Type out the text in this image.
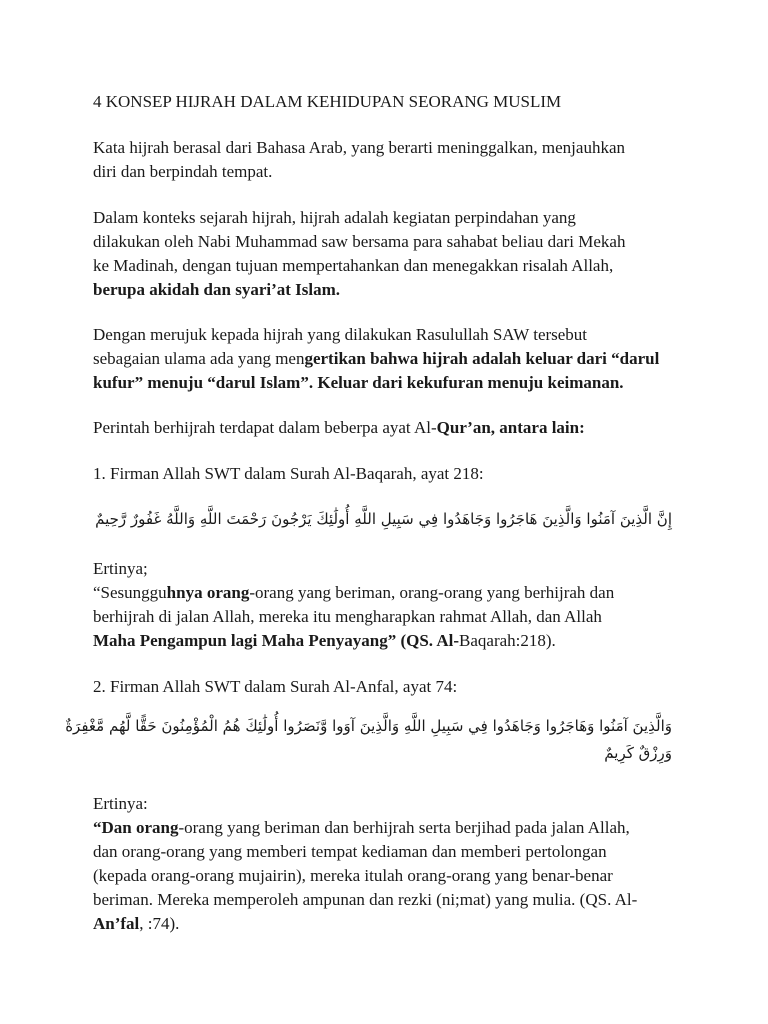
4 KONSEP HIJRAH DALAM KEHIDUPAN SEORANG MUSLIM
Kata hijrah berasal dari Bahasa Arab, yang berarti meninggalkan, menjauhkan
diri dan berpindah tempat.
Dalam konteks sejarah hijrah, hijrah adalah kegiatan perpindahan yang
dilakukan oleh Nabi Muhammad saw bersama para sahabat beliau dari Mekah
ke Madinah, dengan tujuan mempertahankan dan menegakkan risalah Allah,
berupa akidah dan syari’at Islam.
Dengan merujuk kepada hijrah yang dilakukan Rasulullah SAW tersebut
sebagaian ulama ada yang mengertikan bahwa hijrah adalah keluar dari “darul
kufur” menuju “darul Islam”. Keluar dari kekufuran menuju keimanan.
Perintah berhijrah terdapat dalam beberpa ayat Al-Qur’an, antara lain:
1. Firman Allah SWT dalam Surah Al-Baqarah, ayat 218:
إِنَّ الَّذِينَ آمَنُوا وَالَّذِينَ هَاجَرُوا وَجَاهَدُوا فِي سَبِيلِ اللَّهِ أُولَٰئِكَ يَرْجُونَ رَحْمَتَ اللَّهِ وَاللَّهُ غَفُورٌ رَّحِيمٌ
Ertinya;
“Sesungguhnya orang-orang yang beriman, orang-orang yang berhijrah dan
berhijrah di jalan Allah, mereka itu mengharapkan rahmat Allah, dan Allah
Maha Pengampun lagi Maha Penyayang” (QS. Al-Baqarah:218).
2. Firman Allah SWT dalam Surah Al-Anfal, ayat 74:
وَالَّذِينَ آمَنُوا وَهَاجَرُوا وَجَاهَدُوا فِي سَبِيلِ اللَّهِ وَالَّذِينَ آوَوا وَّنَصَرُوا أُولَٰئِكَ هُمُ الْمُؤْمِنُونَ حَقًّا لَّهُم مَّغْفِرَةٌ
وَرِزْقٌ كَرِيمٌ
Ertinya:
“Dan orang-orang yang beriman dan berhijrah serta berjihad pada jalan Allah,
dan orang-orang yang memberi tempat kediaman dan memberi pertolongan
(kepada orang-orang mujairin), mereka itulah orang-orang yang benar-benar
beriman. Mereka memperoleh ampunan dan rezki (ni;mat) yang mulia. (QS. Al-
An’fal, :74).
